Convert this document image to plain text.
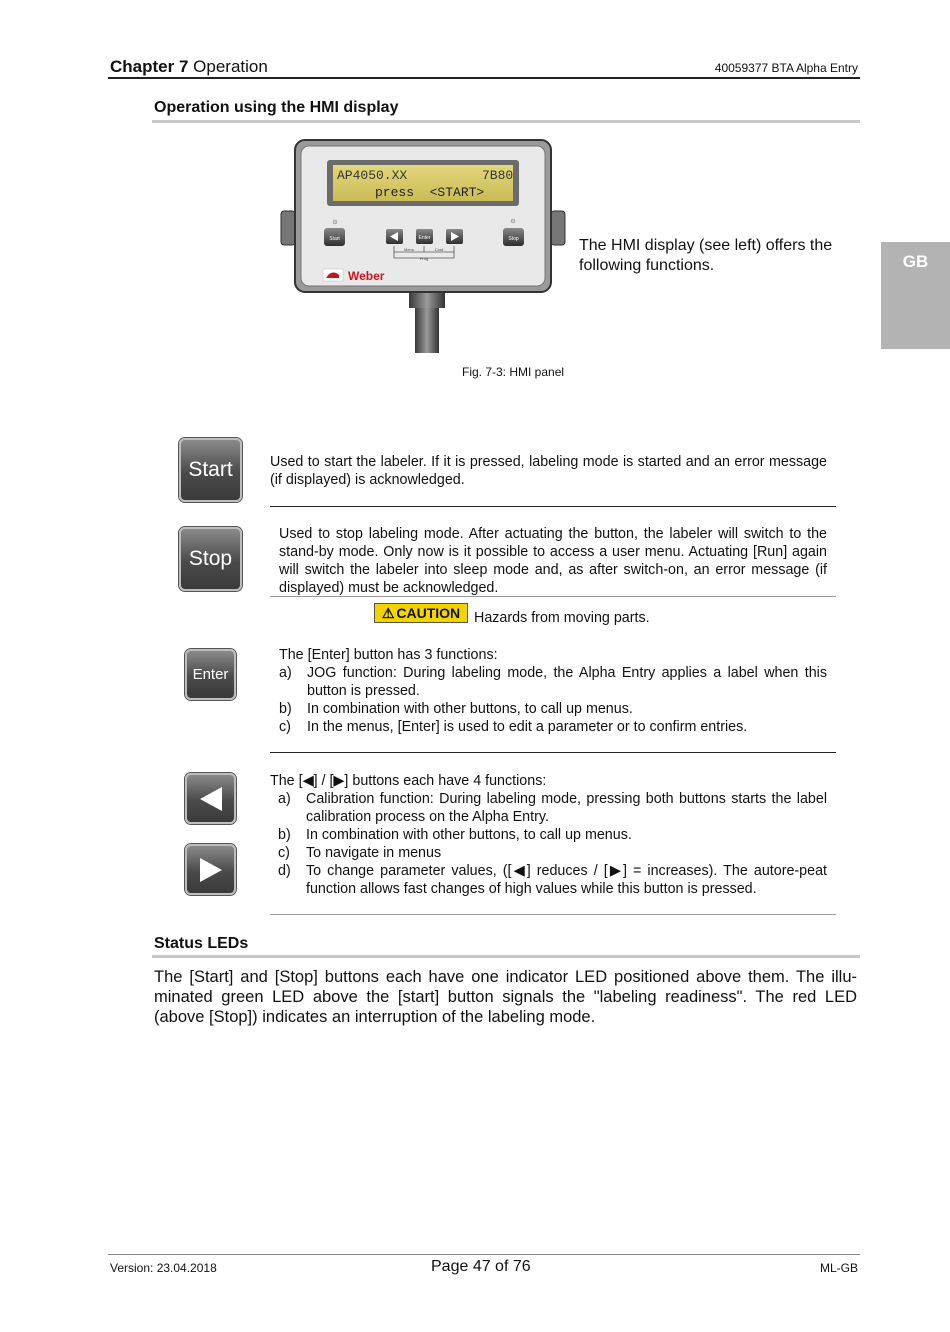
Chapter 7 Operation	40059377 BTA Alpha Entry
GB
Operation using the HMI display
AP4050.XX	7B80
press  <START>
Start	Enter
Menu	Conf
Prog
Stop
Weber
The HMI display (see left) offers the following functions.
Fig. 7-3: HMI panel
Start	Used to start the labeler. If it is pressed, labeling mode is started and an error message (if displayed) is acknowledged.
Stop
Used to stop labeling mode. After actuating the button, the labeler will switch to the stand-by mode. Only now is it possible to access a user menu. Actuating [Run] again will switch the labeler into sleep mode and, as after switch-on, an error message (if displayed) must be acknowledged.
⚠ CAUTION Hazards from moving parts.
Enter
The [Enter] button has 3 functions:
a) JOG function: During labeling mode, the Alpha Entry applies a label when this button is pressed.
b) In combination with other buttons, to call up menus.
c) In the menus, [Enter] is used to edit a parameter or to confirm entries.
The [◀] / [▶] buttons each have 4 functions:
a) Calibration function: During labeling mode, pressing both buttons starts the label calibration process on the Alpha Entry.
b) In combination with other buttons, to call up menus.
c) To navigate in menus
d) To change parameter values, ([◀] reduces / [▶] = increases). The autore-peat function allows fast changes of high values while this button is pressed.
Status LEDs
The [Start] and [Stop] buttons each have one indicator LED positioned above them. The illu-minated green LED above the [start] button signals the "labeling readiness". The red LED (above [Stop]) indicates an interruption of the labeling mode.
Version: 23.04.2018	Page 47 of 76	ML-GB
